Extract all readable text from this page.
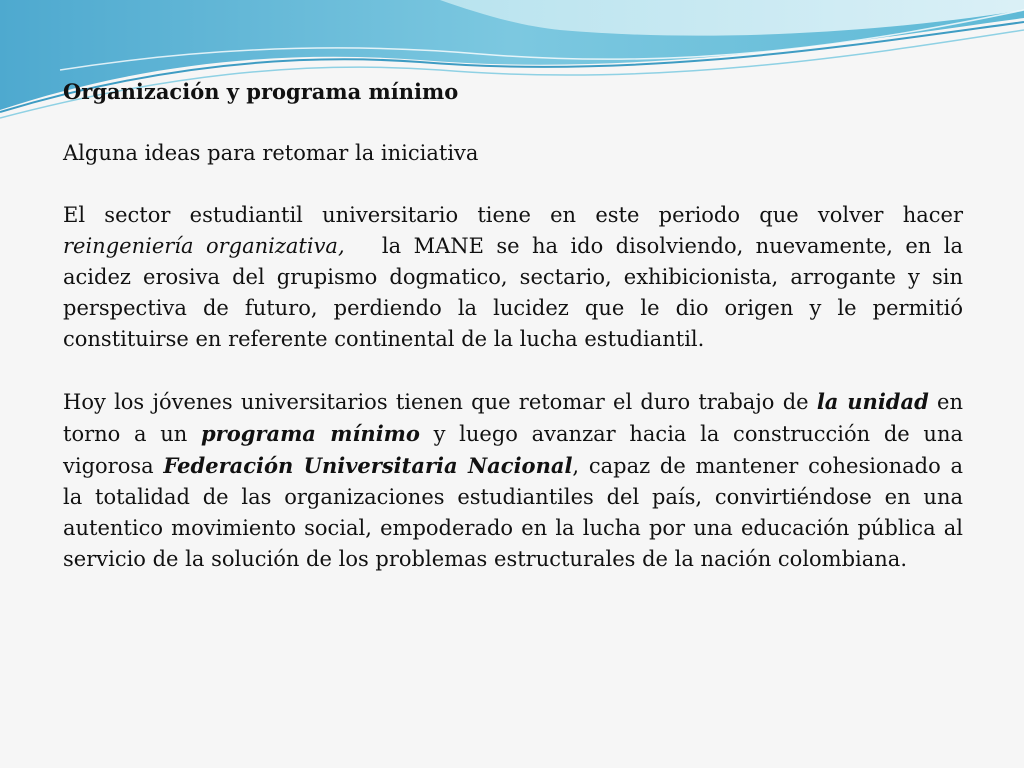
Organización y programa mínimo

Alguna ideas para retomar la iniciativa

El sector estudiantil universitario tiene en este periodo que volver hacer reingeniería organizativa, la MANE se ha ido disolviendo, nuevamente, en la acidez erosiva del grupismo dogmatico, sectario, exhibicionista, arrogante y sin perspectiva de futuro, perdiendo la lucidez que le dio origen y le permitió constituirse en referente continental de la lucha estudiantil.

Hoy los jóvenes universitarios tienen que retomar el duro trabajo de la unidad en torno a un programa mínimo y luego avanzar hacia la construcción de una vigorosa Federación Universitaria Nacional, capaz de mantener cohesionado a la totalidad de las organizaciones estudiantiles del país, convirtiéndose en una autentico movimiento social, empoderado en la lucha por una educación pública al servicio de la solución de los problemas estructurales de la nación colombiana.
